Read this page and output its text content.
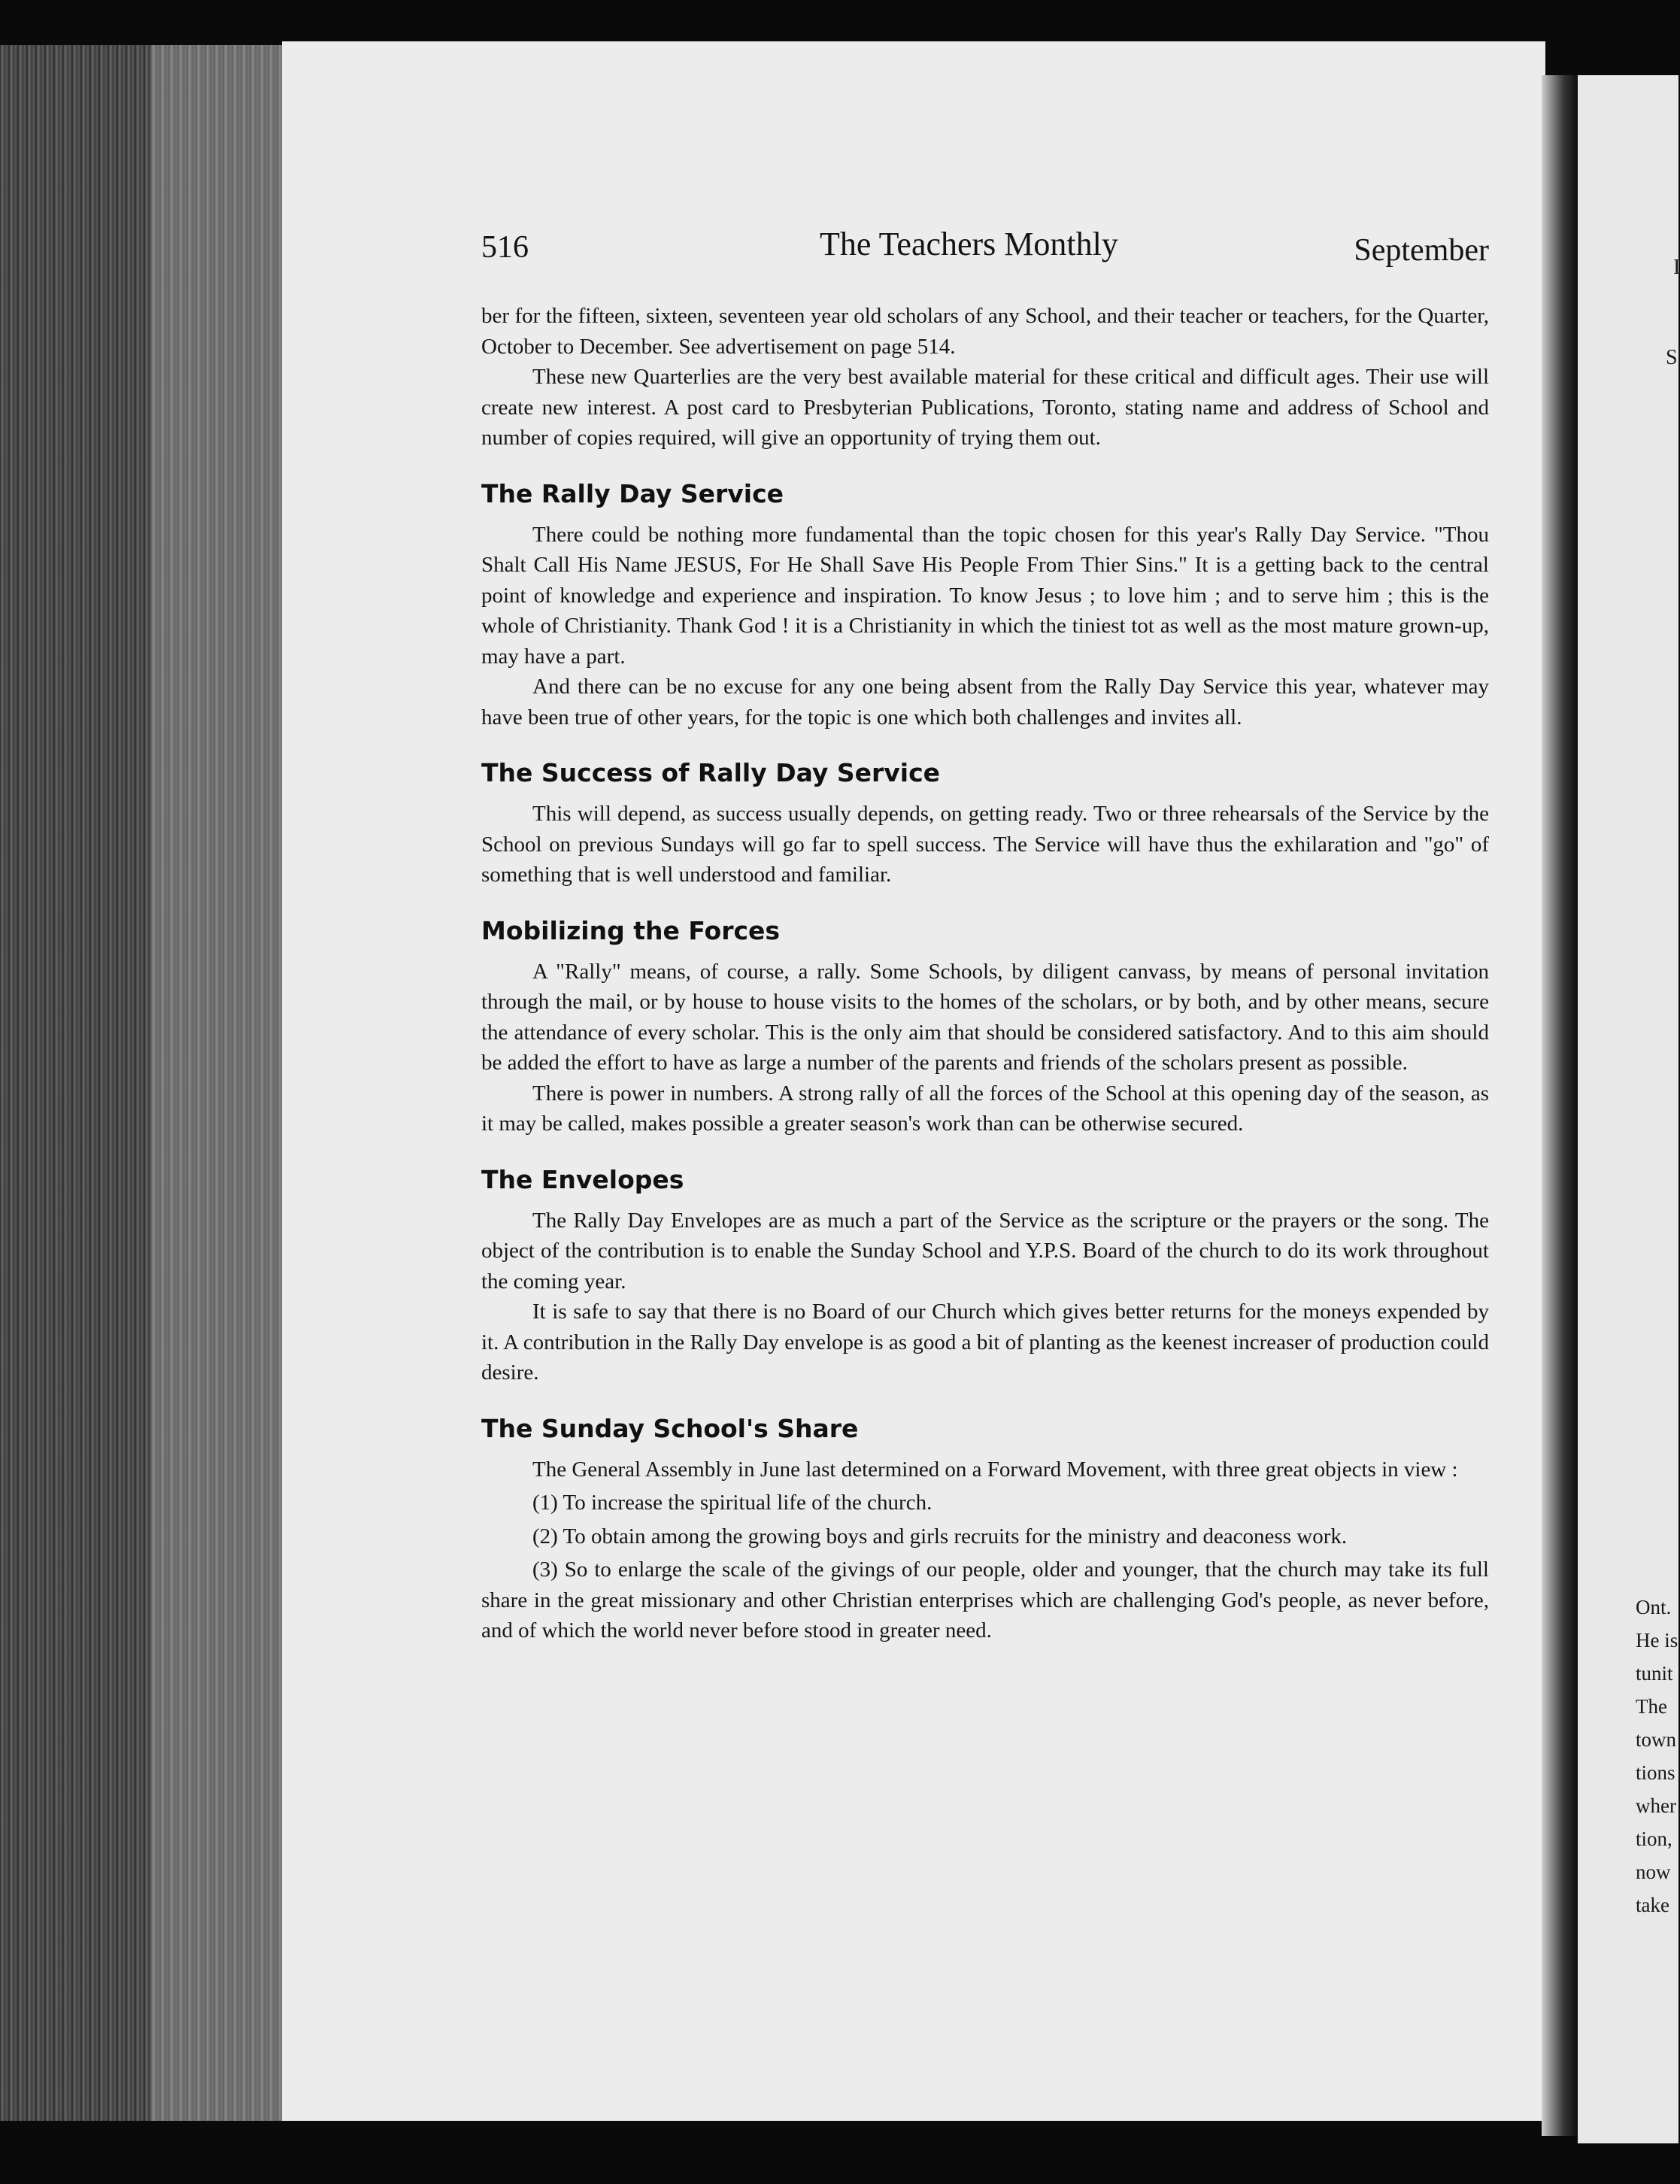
I
S
Ont.
He is
tunit
The
town
tions
wher
tion,
now
take
516	The Teachers Monthly	September

ber for the fifteen, sixteen, seventeen year old scholars of any School, and their teacher or teachers, for the Quarter, October to December. See advertisement on page 514.

These new Quarterlies are the very best available material for these critical and difficult ages. Their use will create new interest. A post card to Presbyterian Publications, Toronto, stating name and address of School and number of copies required, will give an opportunity of trying them out.

The Rally Day Service

There could be nothing more fundamental than the topic chosen for this year's Rally Day Service. "Thou Shalt Call His Name JESUS, For He Shall Save His People From Thier Sins." It is a getting back to the central point of knowledge and experience and inspiration. To know Jesus ; to love him ; and to serve him ; this is the whole of Christianity. Thank God ! it is a Christianity in which the tiniest tot as well as the most mature grown-up, may have a part.

And there can be no excuse for any one being absent from the Rally Day Service this year, whatever may have been true of other years, for the topic is one which both challenges and invites all.

The Success of Rally Day Service

This will depend, as success usually depends, on getting ready. Two or three rehearsals of the Service by the School on previous Sundays will go far to spell success. The Service will have thus the exhilaration and "go" of something that is well understood and familiar.

Mobilizing the Forces

A "Rally" means, of course, a rally. Some Schools, by diligent canvass, by means of personal invitation through the mail, or by house to house visits to the homes of the scholars, or by both, and by other means, secure the attendance of every scholar. This is the only aim that should be considered satisfactory. And to this aim should be added the effort to have as large a number of the parents and friends of the scholars present as possible.

There is power in numbers. A strong rally of all the forces of the School at this opening day of the season, as it may be called, makes possible a greater season's work than can be otherwise secured.

The Envelopes

The Rally Day Envelopes are as much a part of the Service as the scripture or the prayers or the song. The object of the contribution is to enable the Sunday School and Y.P.S. Board of the church to do its work throughout the coming year.

It is safe to say that there is no Board of our Church which gives better returns for the moneys expended by it. A contribution in the Rally Day envelope is as good a bit of planting as the keenest increaser of production could desire.

The Sunday School's Share

The General Assembly in June last determined on a Forward Movement, with three great objects in view :

(1) To increase the spiritual life of the church.

(2) To obtain among the growing boys and girls recruits for the ministry and deaconess work.

(3) So to enlarge the scale of the givings of our people, older and younger, that the church may take its full share in the great missionary and other Christian enterprises which are challenging God's people, as never before, and of which the world never before stood in greater need.
